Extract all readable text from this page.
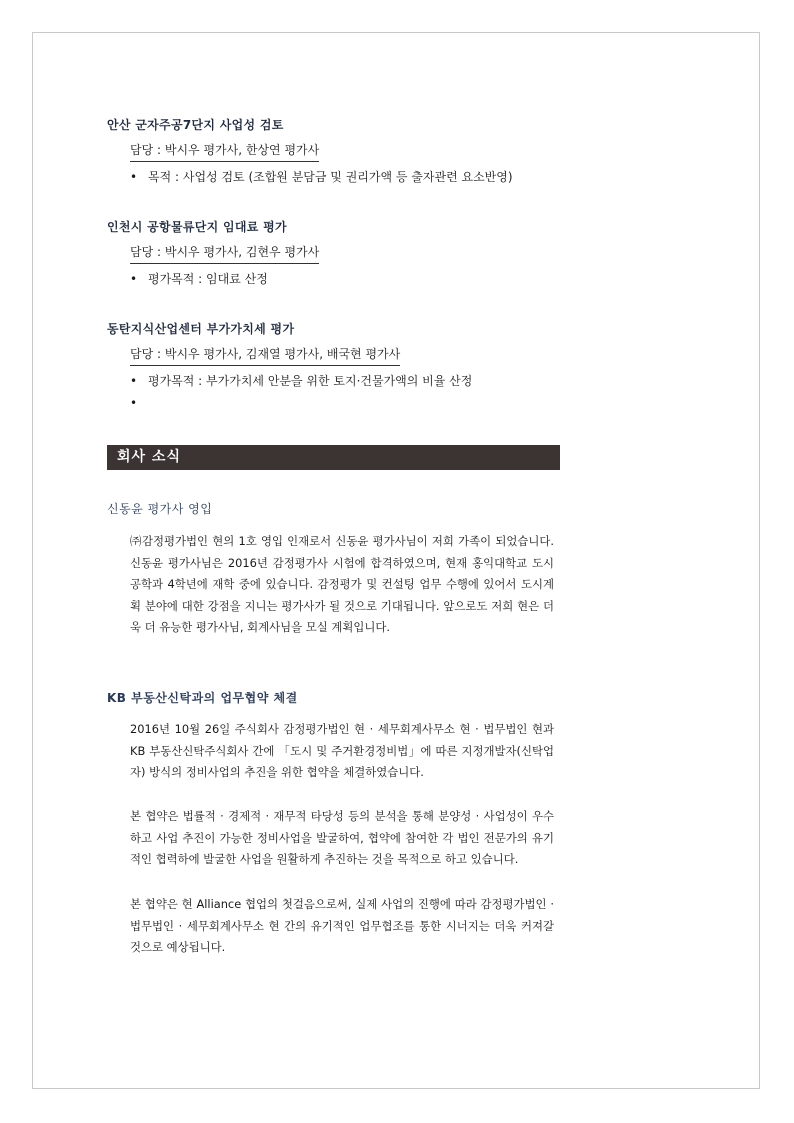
안산 군자주공7단지 사업성 검토
담당 : 박시우 평가사, 한상연 평가사
• 목적 : 사업성 검토 (조합원 분담금 및 권리가액 등 출자관련 요소반영)
인천시 공항물류단지 임대료 평가
담당 : 박시우 평가사, 김현우 평가사
• 평가목적 : 임대료 산정
동탄지식산업센터 부가가치세 평가
담당 : 박시우 평가사, 김재열 평가사, 배국현 평가사
• 평가목적 : 부가가치세 안분을 위한 토지·건물가액의 비율 산정
•
회사 소식
신동윤 평가사 영입
㈜감정평가법인 현의 1호 영입 인재로서 신동윤 평가사님이 저희 가족이 되었습니다. 신동윤 평가사님은 2016년 감정평가사 시험에 합격하였으며, 현재 홍익대학교 도시공학과 4학년에 재학 중에 있습니다. 감정평가 및 컨설팅 업무 수행에 있어서 도시계획 분야에 대한 강점을 지니는 평가사가 될 것으로 기대됩니다. 앞으로도 저희 현은 더욱 더 유능한 평가사님, 회계사님을 모실 계획입니다.
KB 부동산신탁과의 업무협약 체결
2016년 10월 26일 주식회사 감정평가법인 현 · 세무회계사무소 현 · 법무법인 현과 KB 부동산신탁주식회사 간에 「도시 및 주거환경정비법」에 따른 지정개발자(신탁업자) 방식의 정비사업의 추진을 위한 협약을 체결하였습니다.
본 협약은 법률적 · 경제적 · 재무적 타당성 등의 분석을 통해 분양성 · 사업성이 우수하고 사업 추진이 가능한 정비사업을 발굴하여, 협약에 참여한 각 법인 전문가의 유기적인 협력하에 발굴한 사업을 원활하게 추진하는 것을 목적으로 하고 있습니다.
본 협약은 현 Alliance 협업의 첫걸음으로써, 실제 사업의 진행에 따라 감정평가법인 · 법무법인 · 세무회계사무소 현 간의 유기적인 업무협조를 통한 시너지는 더욱 커져갈 것으로 예상됩니다.
